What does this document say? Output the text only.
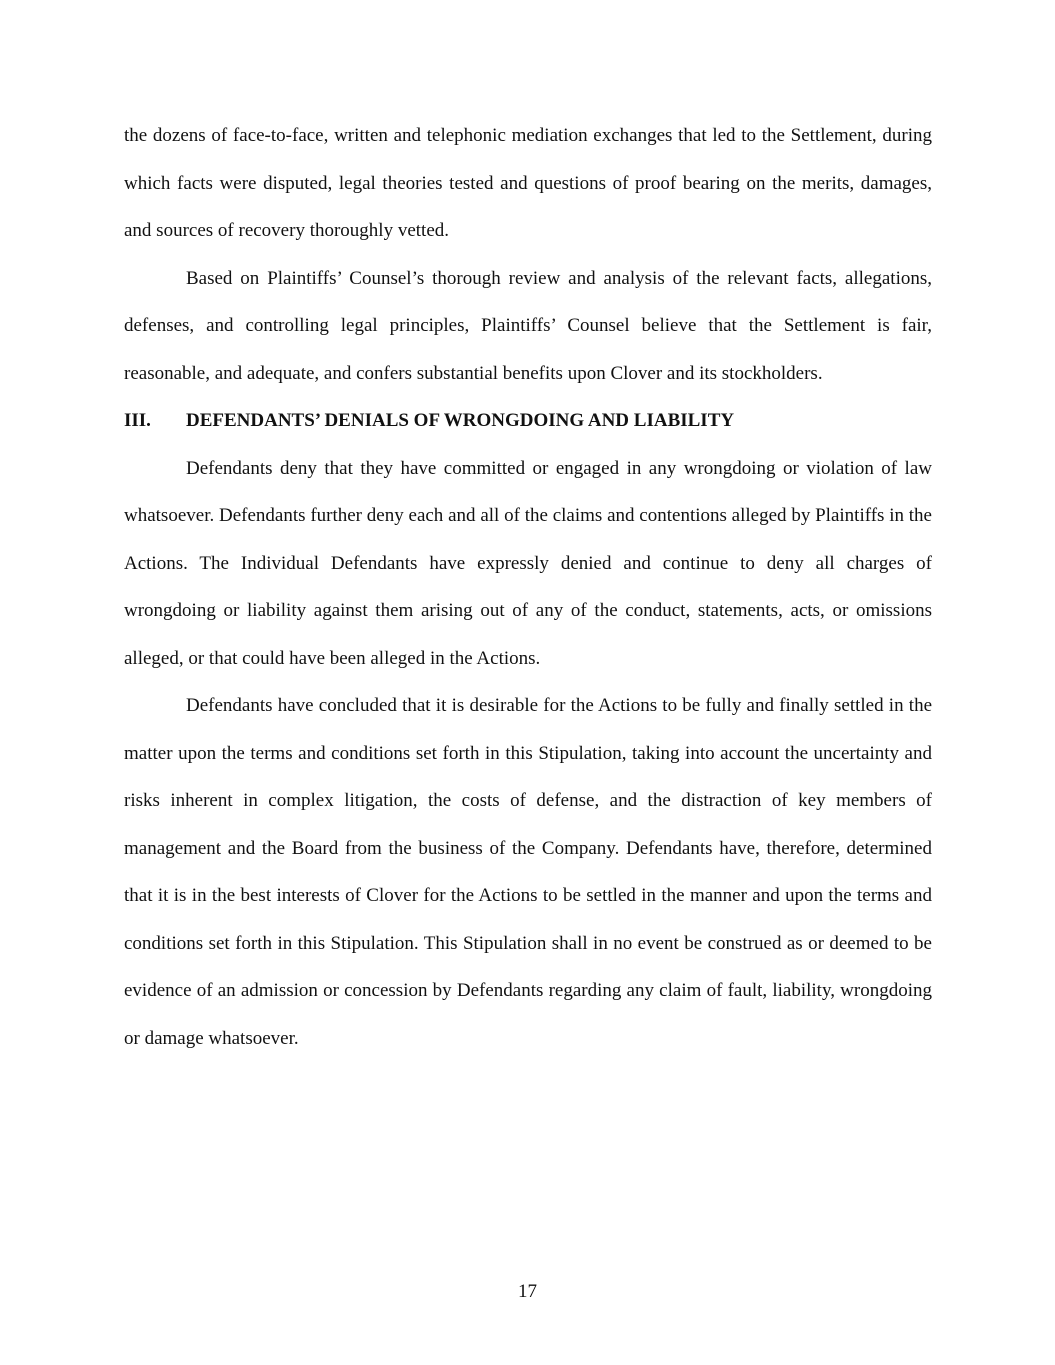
the dozens of face-to-face, written and telephonic mediation exchanges that led to the Settlement, during which facts were disputed, legal theories tested and questions of proof bearing on the merits, damages, and sources of recovery thoroughly vetted.

Based on Plaintiffs’ Counsel’s thorough review and analysis of the relevant facts, allegations, defenses, and controlling legal principles, Plaintiffs’ Counsel believe that the Settlement is fair, reasonable, and adequate, and confers substantial benefits upon Clover and its stockholders.

III. DEFENDANTS’ DENIALS OF WRONGDOING AND LIABILITY

Defendants deny that they have committed or engaged in any wrongdoing or violation of law whatsoever. Defendants further deny each and all of the claims and contentions alleged by Plaintiffs in the Actions. The Individual Defendants have expressly denied and continue to deny all charges of wrongdoing or liability against them arising out of any of the conduct, statements, acts, or omissions alleged, or that could have been alleged in the Actions.

Defendants have concluded that it is desirable for the Actions to be fully and finally settled in the matter upon the terms and conditions set forth in this Stipulation, taking into account the uncertainty and risks inherent in complex litigation, the costs of defense, and the distraction of key members of management and the Board from the business of the Company. Defendants have, therefore, determined that it is in the best interests of Clover for the Actions to be settled in the manner and upon the terms and conditions set forth in this Stipulation. This Stipulation shall in no event be construed as or deemed to be evidence of an admission or concession by Defendants regarding any claim of fault, liability, wrongdoing or damage whatsoever.

17
